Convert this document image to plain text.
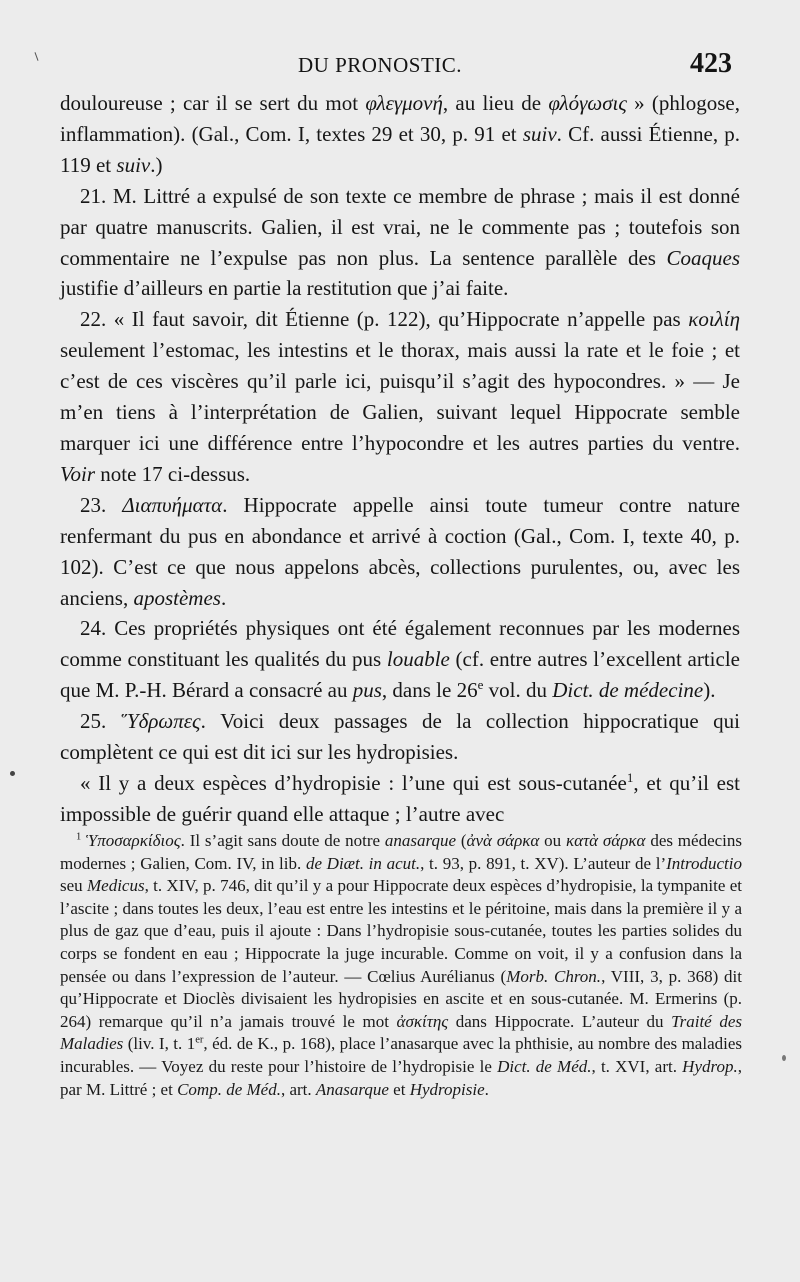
DU PRONOSTIC.	423

douloureuse ; car il se sert du mot φλεγμονή, au lieu de φλόγωσις » (phlogose, inflammation). (Gal., Com. I, textes 29 et 30, p. 91 et suiv. Cf. aussi Étienne, p. 119 et suiv.)

21. M. Littré a expulsé de son texte ce membre de phrase ; mais il est donné par quatre manuscrits. Galien, il est vrai, ne le commente pas ; toutefois son commentaire ne l’expulse pas non plus. La sentence parallèle des Coaques justifie d’ailleurs en partie la restitution que j’ai faite.

22. « Il faut savoir, dit Étienne (p. 122), qu’Hippocrate n’appelle pas κοιλίη seulement l’estomac, les intestins et le thorax, mais aussi la rate et le foie ; et c’est de ces viscères qu’il parle ici, puisqu’il s’agit des hypocondres. » — Je m’en tiens à l’interprétation de Galien, suivant lequel Hippocrate semble marquer ici une différence entre l’hypocondre et les autres parties du ventre. Voir note 17 ci-dessus.

23. Διαπυήματα. Hippocrate appelle ainsi toute tumeur contre nature renfermant du pus en abondance et arrivé à coction (Gal., Com. I, texte 40, p. 102). C’est ce que nous appelons abcès, collections purulentes, ou, avec les anciens, apostèmes.

24. Ces propriétés physiques ont été également reconnues par les modernes comme constituant les qualités du pus louable (cf. entre autres l’excellent article que M. P.-H. Bérard a consacré au pus, dans le 26e vol. du Dict. de médecine).

25. Ὕδρωπες. Voici deux passages de la collection hippocratique qui complètent ce qui est dit ici sur les hydropisies.

« Il y a deux espèces d’hydropisie : l’une qui est sous-cutanée$^1$, et qu’il est impossible de guérir quand elle attaque ; l’autre avec

$^1$ Ὑποσαρκίδιος. Il s’agit sans doute de notre anasarque (ἀνὰ σάρκα ou κατὰ σάρκα des médecins modernes ; Galien, Com. IV, in lib. de Diæt. in acut., t. 93, p. 891, t. XV). L’auteur de l’Introductio seu Medicus, t. XIV, p. 746, dit qu’il y a pour Hippocrate deux espèces d’hydropisie, la tympanite et l’ascite ; dans toutes les deux, l’eau est entre les intestins et le péritoine, mais dans la première il y a plus de gaz que d’eau, puis il ajoute : Dans l’hydropisie sous-cutanée, toutes les parties solides du corps se fondent en eau ; Hippocrate la juge incurable. Comme on voit, il y a confusion dans la pensée ou dans l’expression de l’auteur. — Cœlius Aurélianus (Morb. Chron., VIII, 3, p. 368) dit qu’Hippocrate et Dioclès divisaient les hydropisies en ascite et en sous-cutanée. M. Ermerins (p. 264) remarque qu’il n’a jamais trouvé le mot ἀσκίτης dans Hippocrate. L’auteur du Traité des Maladies (liv. I, t. 1er, éd. de K., p. 168), place l’anasarque avec la phthisie, au nombre des maladies incurables. — Voyez du reste pour l’histoire de l’hydropisie le Dict. de Méd., t. XVI, art. Hydrop., par M. Littré ; et Comp. de Méd., art. Anasarque et Hydropisie.
